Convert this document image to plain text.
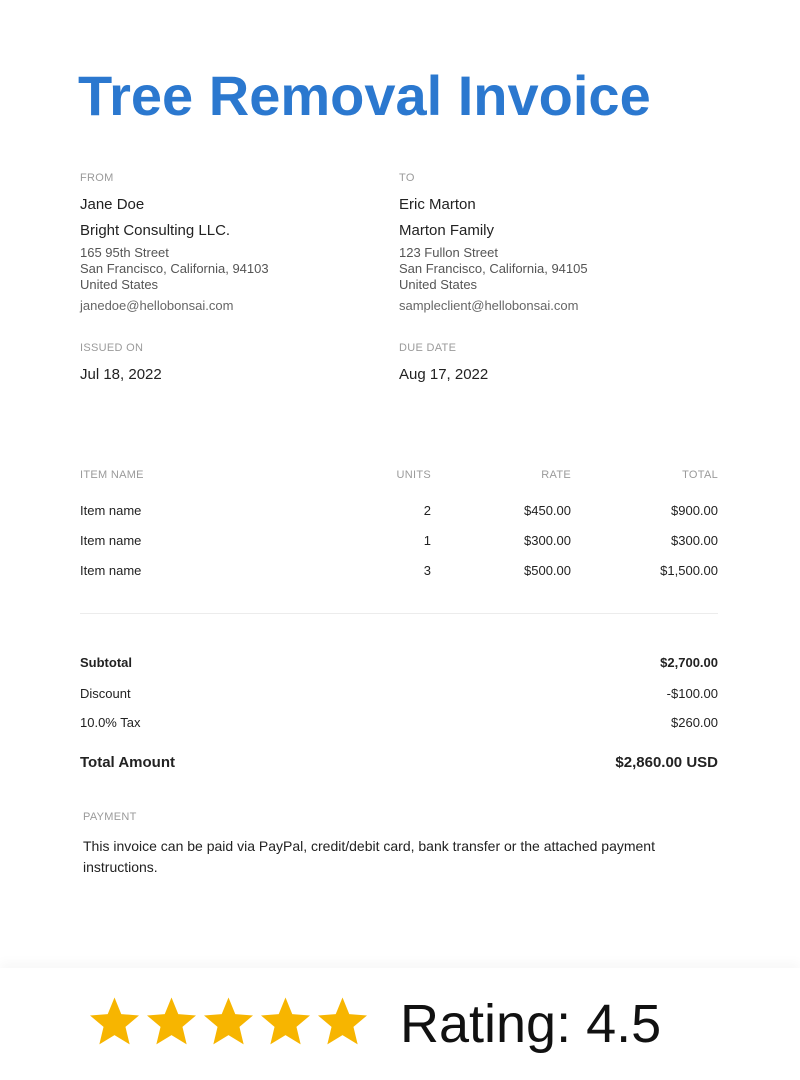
Tree Removal Invoice
FROM
Jane Doe
Bright Consulting LLC.
165 95th Street
San Francisco, California, 94103
United States
janedoe@hellobonsai.com
TO
Eric Marton
Marton Family
123 Fullon Street
San Francisco, California, 94105
United States
sampleclient@hellobonsai.com
ISSUED ON
Jul 18, 2022
DUE DATE
Aug 17, 2022
ITEM NAME	UNITS	RATE	TOTAL
Item name	2	$450.00	$900.00
Item name	1	$300.00	$300.00
Item name	3	$500.00	$1,500.00
Subtotal	$2,700.00
Discount	-$100.00
10.0% Tax	$260.00
Total Amount	$2,860.00 USD
PAYMENT
This invoice can be paid via PayPal, credit/debit card, bank transfer or the attached payment instructions.
Rating: 4.5
